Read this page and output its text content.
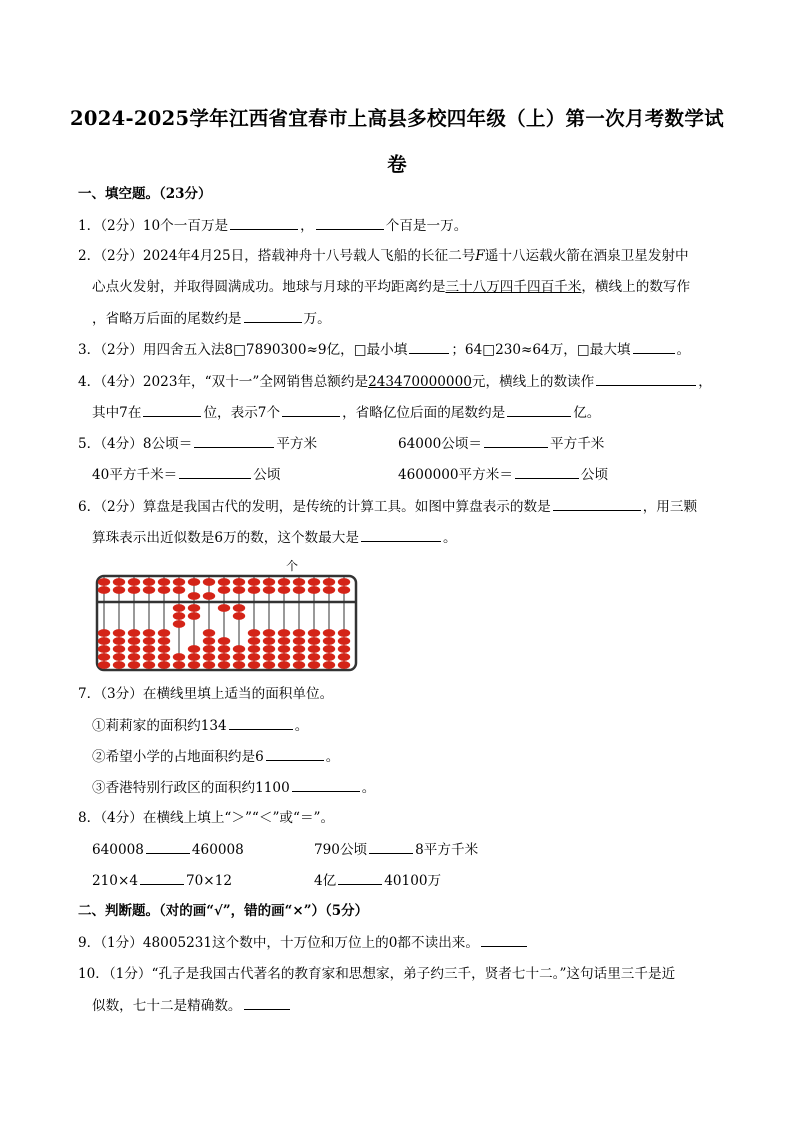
2024-2025学年江西省宜春市上高县多校四年级（上）第一次月考数学试
卷
一、填空题。（23分）
1．（2分）10个一百万是	，	个百是一万。
2．（2分）2024年4月25日，搭载神舟十八号载人飞船的长征二号F遥十八运载火箭在酒泉卫星发射中
心点火发射，并取得圆满成功。地球与月球的平均距离约是三十八万四千四百千米，横线上的数写作
，省略万后面的尾数约是	万。
3．（2分）用四舍五入法8□7890300≈9亿，□最小填	；64□230≈64万，□最大填	。
4．（4分）2023年，“双十一”全网销售总额约是243470000000元，横线上的数读作	，
其中7在	位，表示7个	，省略亿位后面的尾数约是	亿。
5．（4分）8公顷＝	平方米	64000公顷＝	平方千米
40平方千米＝	公顷	4600000平方米＝	公顷
6．（2分）算盘是我国古代的发明，是传统的计算工具。如图中算盘表示的数是	，用三颗
算珠表示出近似数是6万的数，这个数最大是	。
个
7．（3分）在横线里填上适当的面积单位。
①莉莉家的面积约134	。
②希望小学的占地面积约是6	。
③香港特别行政区的面积约1100	。
8．（4分）在横线上填上“＞”“＜”或“＝”。
640008	460008	790公顷	8平方千米
210×4	70×12	4亿	40100万
二、判断题。（对的画“√”，错的画“×”）（5分）
9．（1分）48005231这个数中，十万位和万位上的0都不读出来。
10．（1分）“孔子是我国古代著名的教育家和思想家，弟子约三千，贤者七十二。”这句话里三千是近
似数，七十二是精确数。
